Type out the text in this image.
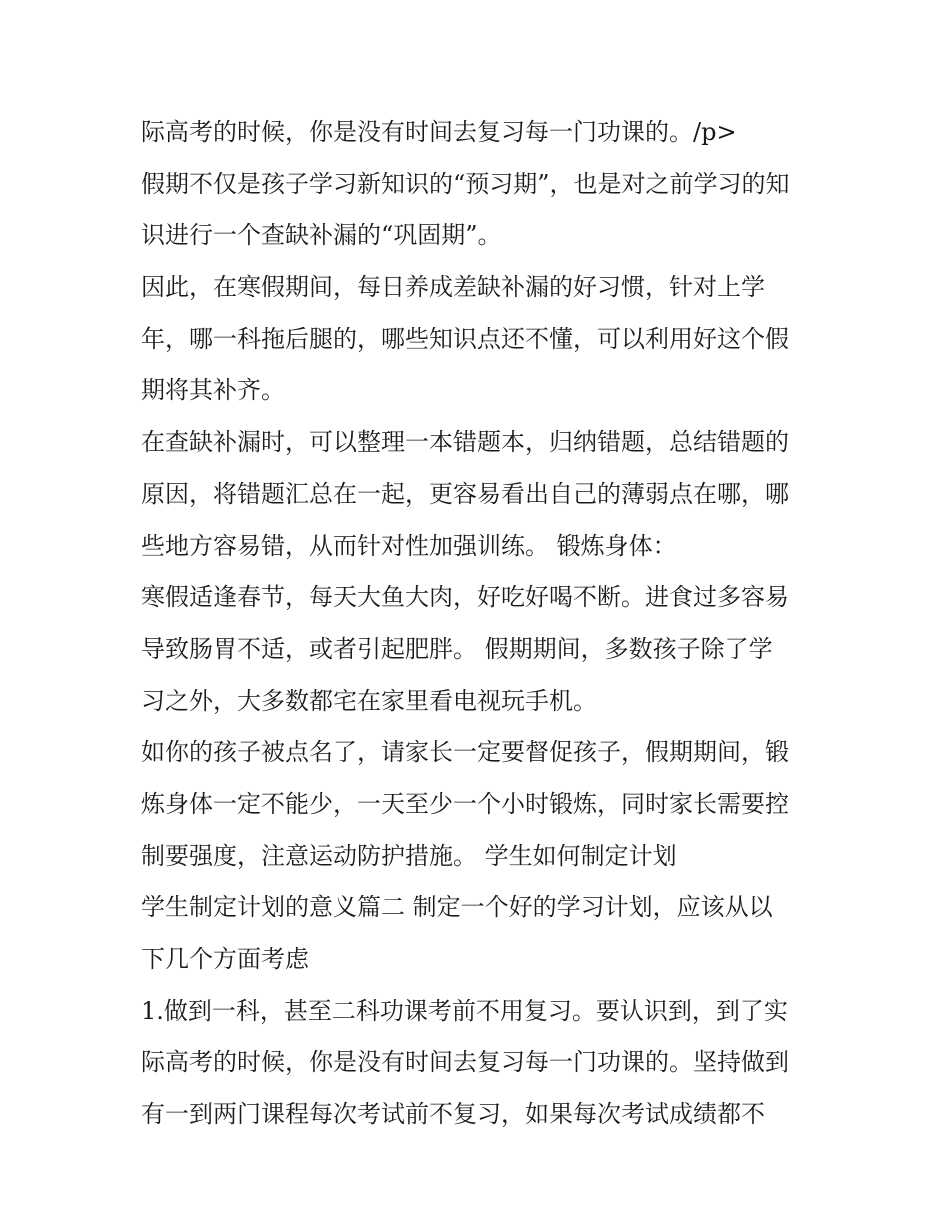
际高考的时候，你是没有时间去复习每一门功课的。/p>
假期不仅是孩子学习新知识的“预习期”，也是对之前学习的知
识进行一个查缺补漏的“巩固期”。
因此，在寒假期间，每日养成差缺补漏的好习惯，针对上学
年，哪一科拖后腿的，哪些知识点还不懂，可以利用好这个假
期将其补齐。
在查缺补漏时，可以整理一本错题本，归纳错题，总结错题的
原因，将错题汇总在一起，更容易看出自己的薄弱点在哪，哪
些地方容易错，从而针对性加强训练。 锻炼身体：
寒假适逢春节，每天大鱼大肉，好吃好喝不断。进食过多容易
导致肠胃不适，或者引起肥胖。 假期期间，多数孩子除了学
习之外，大多数都宅在家里看电视玩手机。
如你的孩子被点名了，请家长一定要督促孩子，假期期间，锻
炼身体一定不能少，一天至少一个小时锻炼，同时家长需要控
制要强度，注意运动防护措施。 学生如何制定计划
学生制定计划的意义篇二 制定一个好的学习计划，应该从以
下几个方面考虑
1.做到一科，甚至二科功课考前不用复习。要认识到，到了实
际高考的时候，你是没有时间去复习每一门功课的。坚持做到
有一到两门课程每次考试前不复习，如果每次考试成绩都不
